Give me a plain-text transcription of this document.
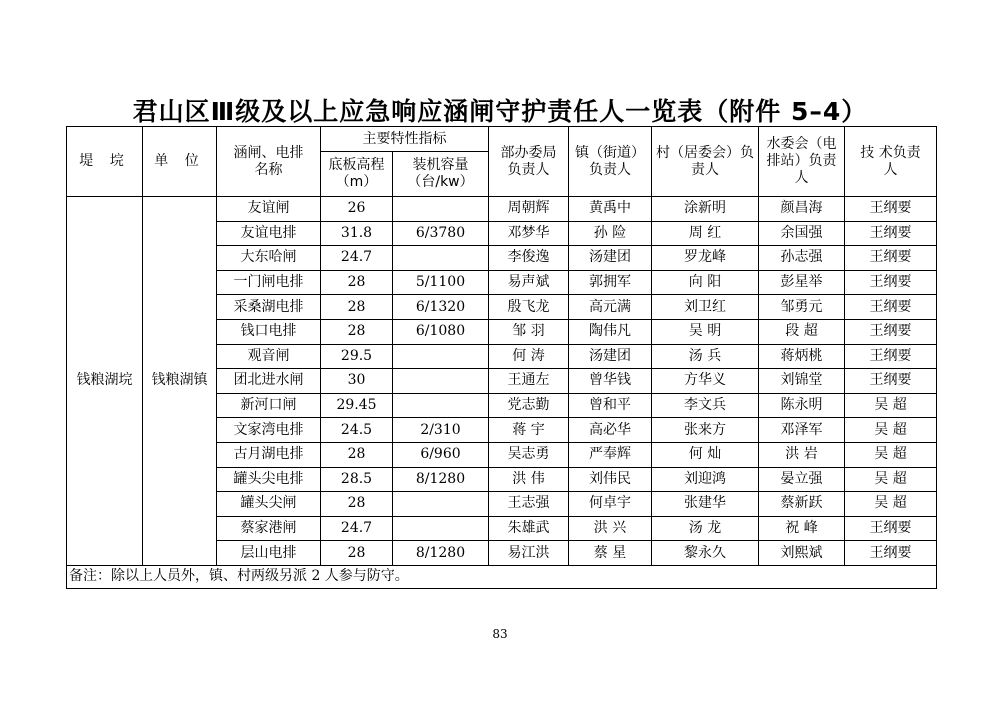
君山区Ⅲ级及以上应急响应涵闸守护责任人一览表（附件 5–4）
堤 垸	单 位	涵闸、电排名称	主要特性指标		部办委局负责人	镇（街道）负责人	村（居委会）负责人	水委会（电排站）负责人	技 术负责人
			底板高程（m）	装机容量（台/kw）					
钱粮湖垸	钱粮湖镇	友谊闸	26		周朝辉	黄禹中	涂新明	颜昌海	王纲要
		友谊电排	31.8	6/3780	邓梦华	孙 险	周 红	余国强	王纲要
		大东哈闸	24.7		李俊逸	汤建团	罗龙峰	孙志强	王纲要
		一门闸电排	28	5/1100	易声斌	郭拥军	向 阳	彭星举	王纲要
		采桑湖电排	28	6/1320	殷飞龙	高元满	刘卫红	邹勇元	王纲要
		钱口电排	28	6/1080	邹 羽	陶伟凡	吴 明	段 超	王纲要
		观音闸	29.5		何 涛	汤建团	汤 兵	蒋炳桃	王纲要
		团北进水闸	30		王通左	曾华钱	方华义	刘锦堂	王纲要
		新河口闸	29.45		党志勤	曾和平	李文兵	陈永明	吴 超
		文家湾电排	24.5	2/310	蒋 宇	高必华	张来方	邓泽军	吴 超
		古月湖电排	28	6/960	吴志勇	严奉辉	何 灿	洪 岩	吴 超
		罐头尖电排	28.5	8/1280	洪 伟	刘伟民	刘迎鸿	晏立强	吴 超
		罐头尖闸	28		王志强	何卓宇	张建华	蔡新跃	吴 超
		蔡家港闸	24.7		朱雄武	洪 兴	汤 龙	祝 峰	王纲要
		层山电排	28	8/1280	易江洪	蔡 星	黎永久	刘熙斌	王纲要
备注：除以上人员外，镇、村两级另派 2 人参与防守。									
83
